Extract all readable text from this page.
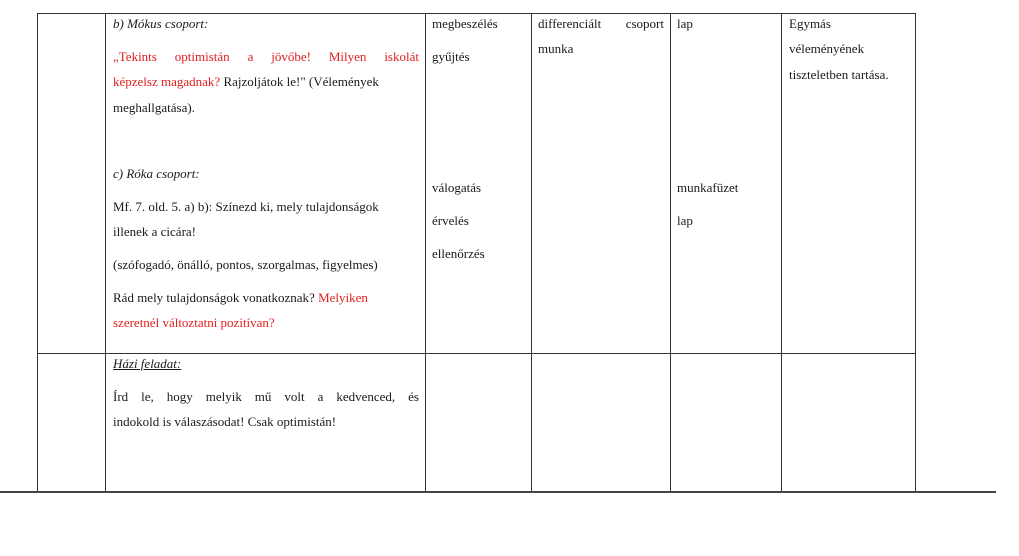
b) Mókus csoport:

„Tekints optimistán a jövőbe! Milyen iskolát

képzelsz magadnak? Rajzoljátok le!" (Vélemények

meghallgatása).

c) Róka csoport:

Mf. 7. old. 5. a) b): Színezd ki, mely tulajdonságok

illenek a cicára!

(szófogadó, önálló, pontos, szorgalmas, figyelmes)

Rád mely tulajdonságok vonatkoznak? Melyiken

szeretnél változtatni pozitívan?

megbeszélés

gyűjtés

válogatás

érvelés

ellenőrzés

differenciált csoport

munka

lap

munkafüzet

lap

Egymás

véleményének

tiszteletben tartása.

Házi feladat:

Írd le, hogy melyik mű volt a kedvenced, és

indokold is válaszásodat! Csak optimistán!
